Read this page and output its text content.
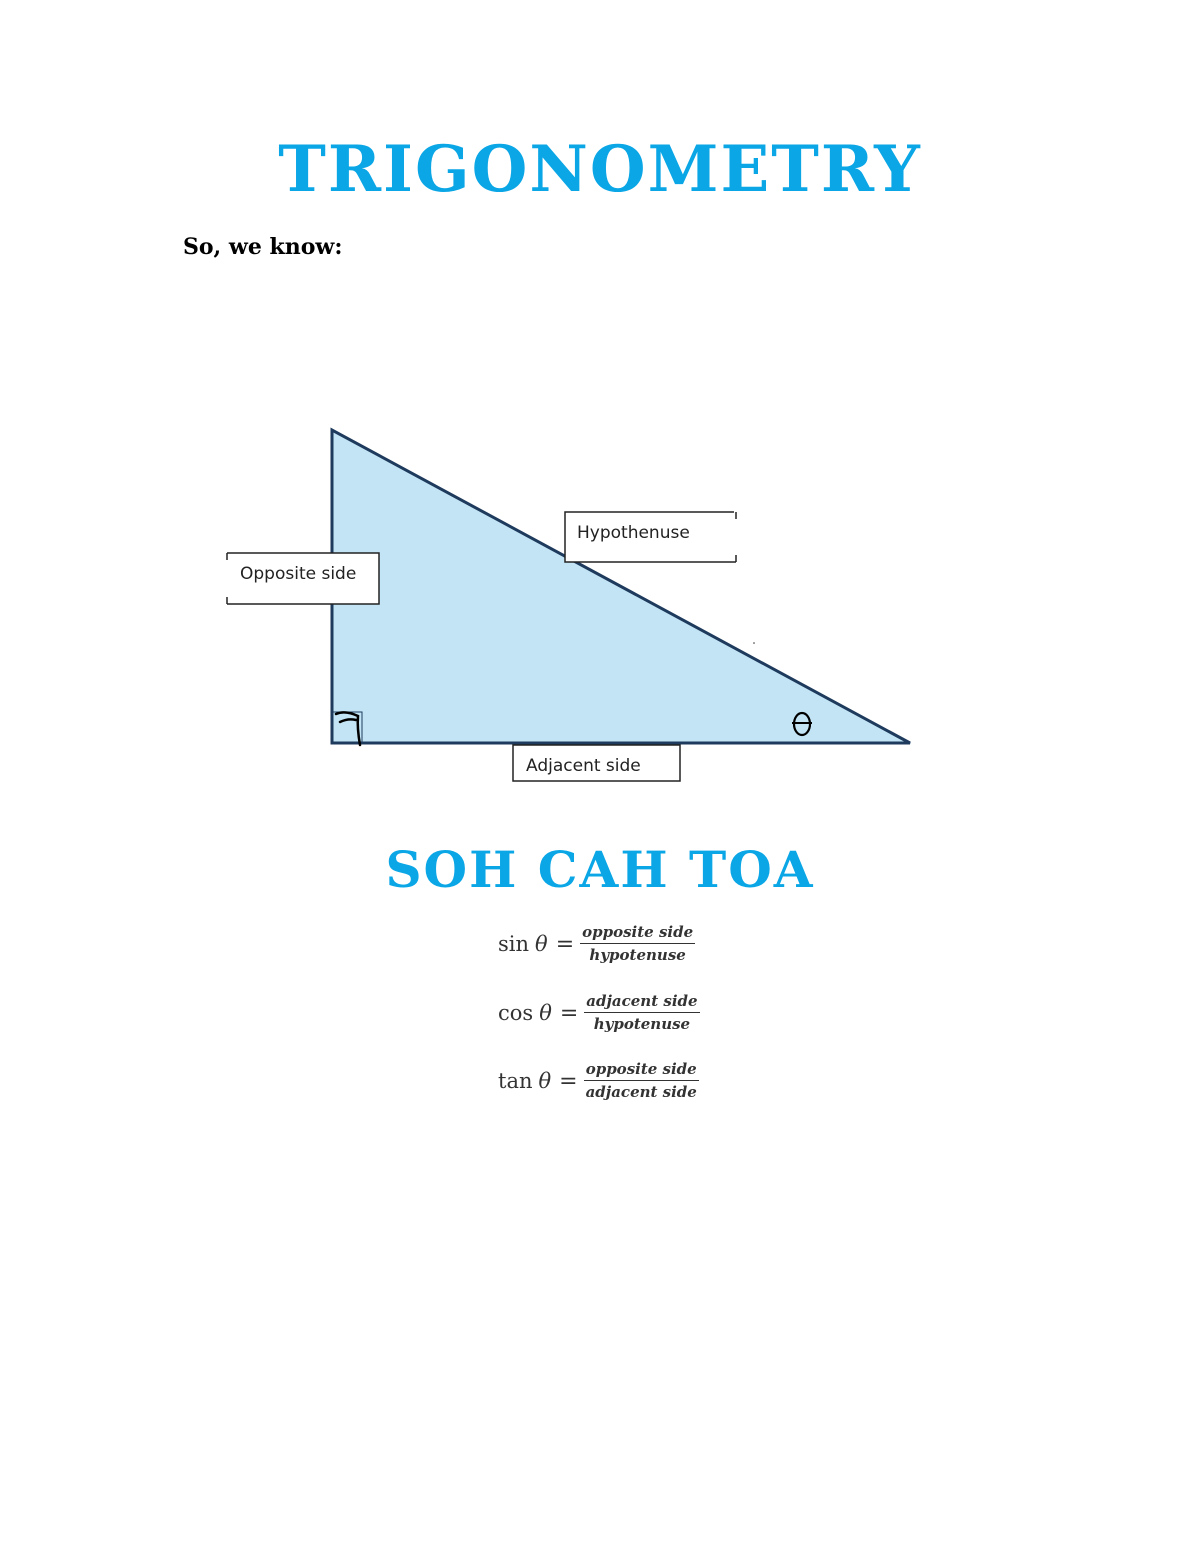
TRIGONOMETRY

So, we know:

Hypothenuse
Opposite side
Adjacent side
SOH CAH TOA
$\sin \theta = \frac{\text{opposite side}}{\text{hypotenuse}}$
$\cos \theta = \frac{\text{adjacent side}}{\text{hypotenuse}}$
$\tan \theta = \frac{\text{opposite side}}{\text{adjacent side}}$
